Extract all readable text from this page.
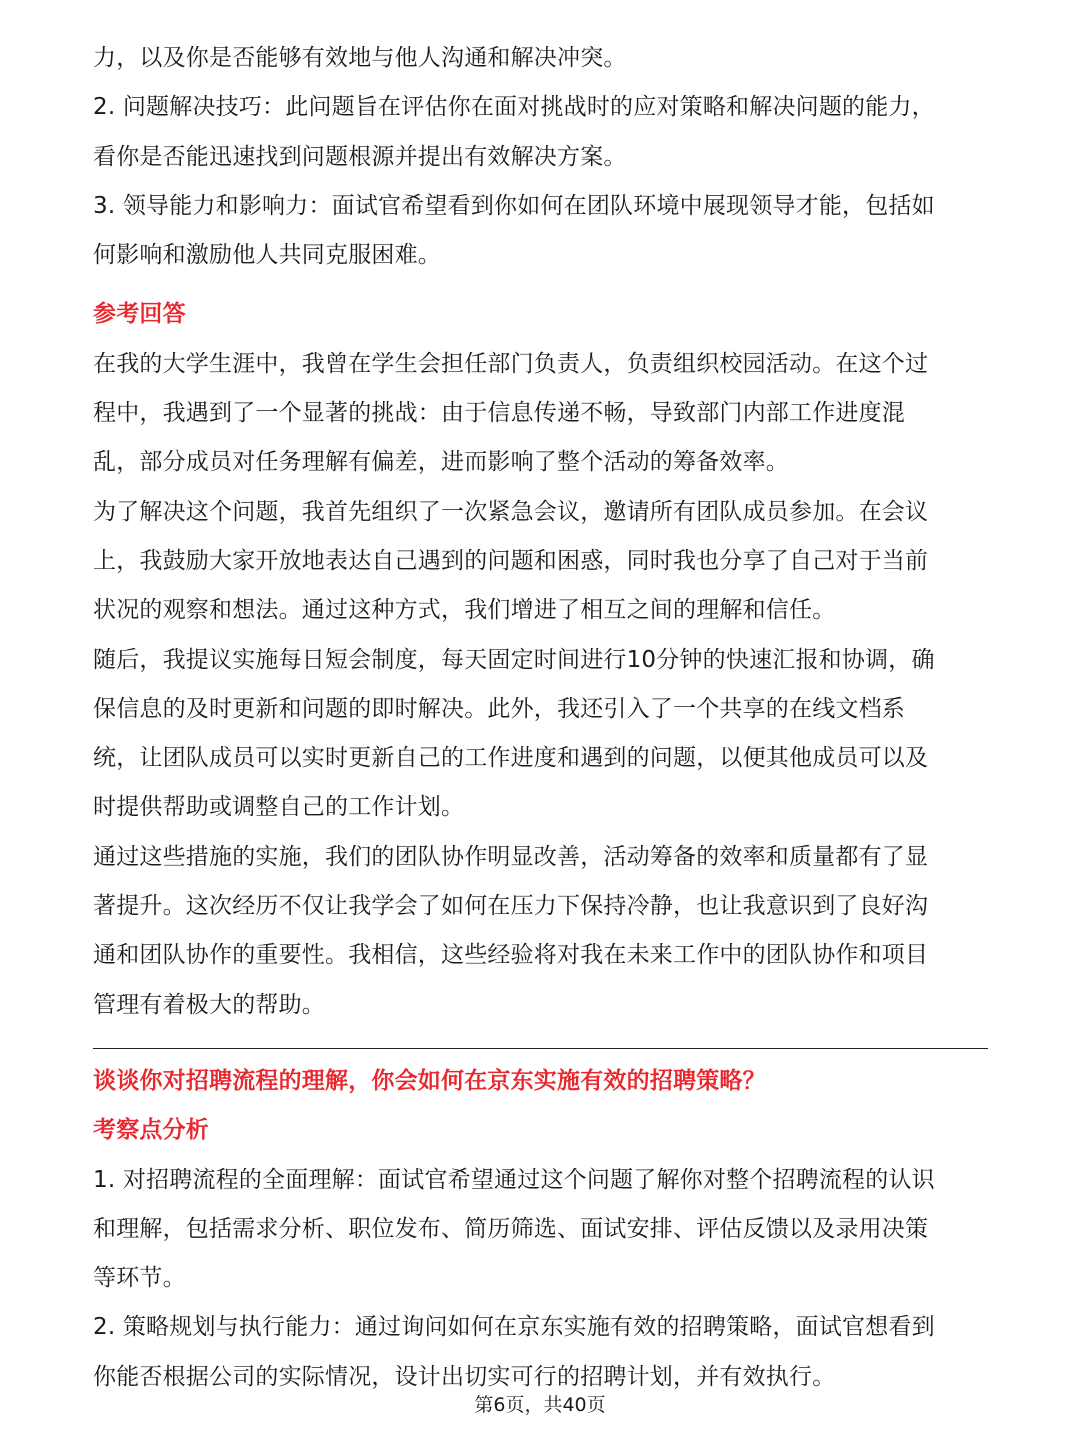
力，以及你是否能够有效地与他人沟通和解决冲突。
2. 问题解决技巧：此问题旨在评估你在面对挑战时的应对策略和解决问题的能力，
看你是否能迅速找到问题根源并提出有效解决方案。
3. 领导能力和影响力：面试官希望看到你如何在团队环境中展现领导才能，包括如
何影响和激励他人共同克服困难。
参考回答
在我的大学生涯中，我曾在学生会担任部门负责人，负责组织校园活动。在这个过
程中，我遇到了一个显著的挑战：由于信息传递不畅，导致部门内部工作进度混
乱，部分成员对任务理解有偏差，进而影响了整个活动的筹备效率。
为了解决这个问题，我首先组织了一次紧急会议，邀请所有团队成员参加。在会议
上，我鼓励大家开放地表达自己遇到的问题和困惑，同时我也分享了自己对于当前
状况的观察和想法。通过这种方式，我们增进了相互之间的理解和信任。
随后，我提议实施每日短会制度，每天固定时间进行10分钟的快速汇报和协调，确
保信息的及时更新和问题的即时解决。此外，我还引入了一个共享的在线文档系
统，让团队成员可以实时更新自己的工作进度和遇到的问题，以便其他成员可以及
时提供帮助或调整自己的工作计划。
通过这些措施的实施，我们的团队协作明显改善，活动筹备的效率和质量都有了显
著提升。这次经历不仅让我学会了如何在压力下保持冷静，也让我意识到了良好沟
通和团队协作的重要性。我相信，这些经验将对我在未来工作中的团队协作和项目
管理有着极大的帮助。
谈谈你对招聘流程的理解，你会如何在京东实施有效的招聘策略？
考察点分析
1. 对招聘流程的全面理解：面试官希望通过这个问题了解你对整个招聘流程的认识
和理解，包括需求分析、职位发布、简历筛选、面试安排、评估反馈以及录用决策
等环节。
2. 策略规划与执行能力：通过询问如何在京东实施有效的招聘策略，面试官想看到
你能否根据公司的实际情况，设计出切实可行的招聘计划，并有效执行。
第6页，共40页
